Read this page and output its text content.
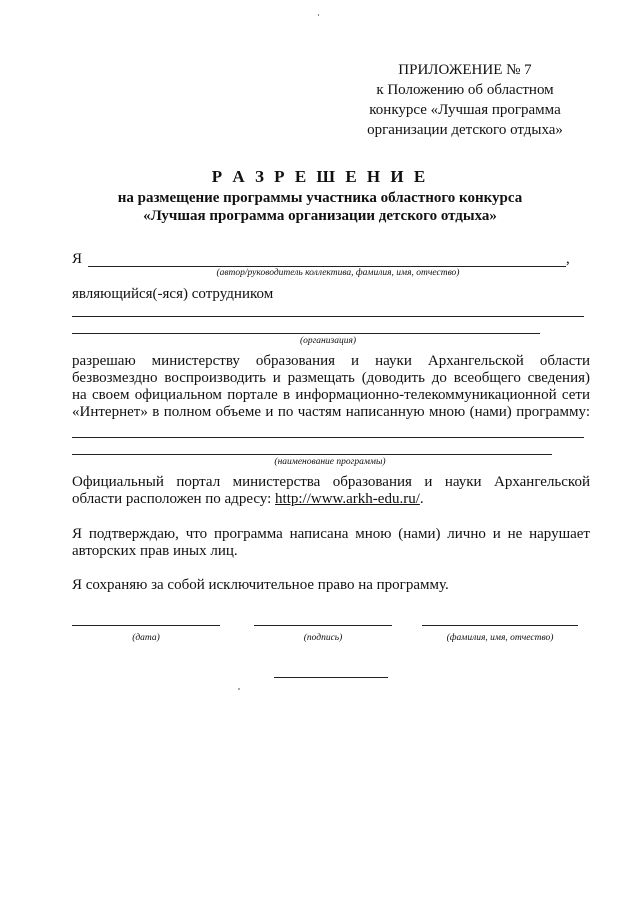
ПРИЛОЖЕНИЕ № 7
к Положению об областном
конкурсе «Лучшая программа
организации детского отдыха»
Р А З Р Е Ш Е Н И Е
на размещение программы участника областного конкурса
«Лучшая программа организации детского отдыха»
Я	,
(автор/руководитель коллектива, фамилия, имя, отчество)
являющийся(-яся) сотрудником
(организация)
разрешаю министерству образования и науки Архангельской области
безвозмездно воспроизводить и размещать (доводить до всеобщего сведения)
на своем официальном портале в информационно-телекоммуникационной сети
«Интернет» в полном объеме и по частям написанную мною (нами) программу:
(наименование программы)
Официальный портал министерства образования и науки Архангельской
области расположен по адресу: http://www.arkh-edu.ru/.
Я подтверждаю, что программа написана мною (нами) лично и не нарушает
авторских прав иных лиц.
Я сохраняю за собой исключительное право на программу.
(дата)	(подпись)	(фамилия, имя, отчество)
